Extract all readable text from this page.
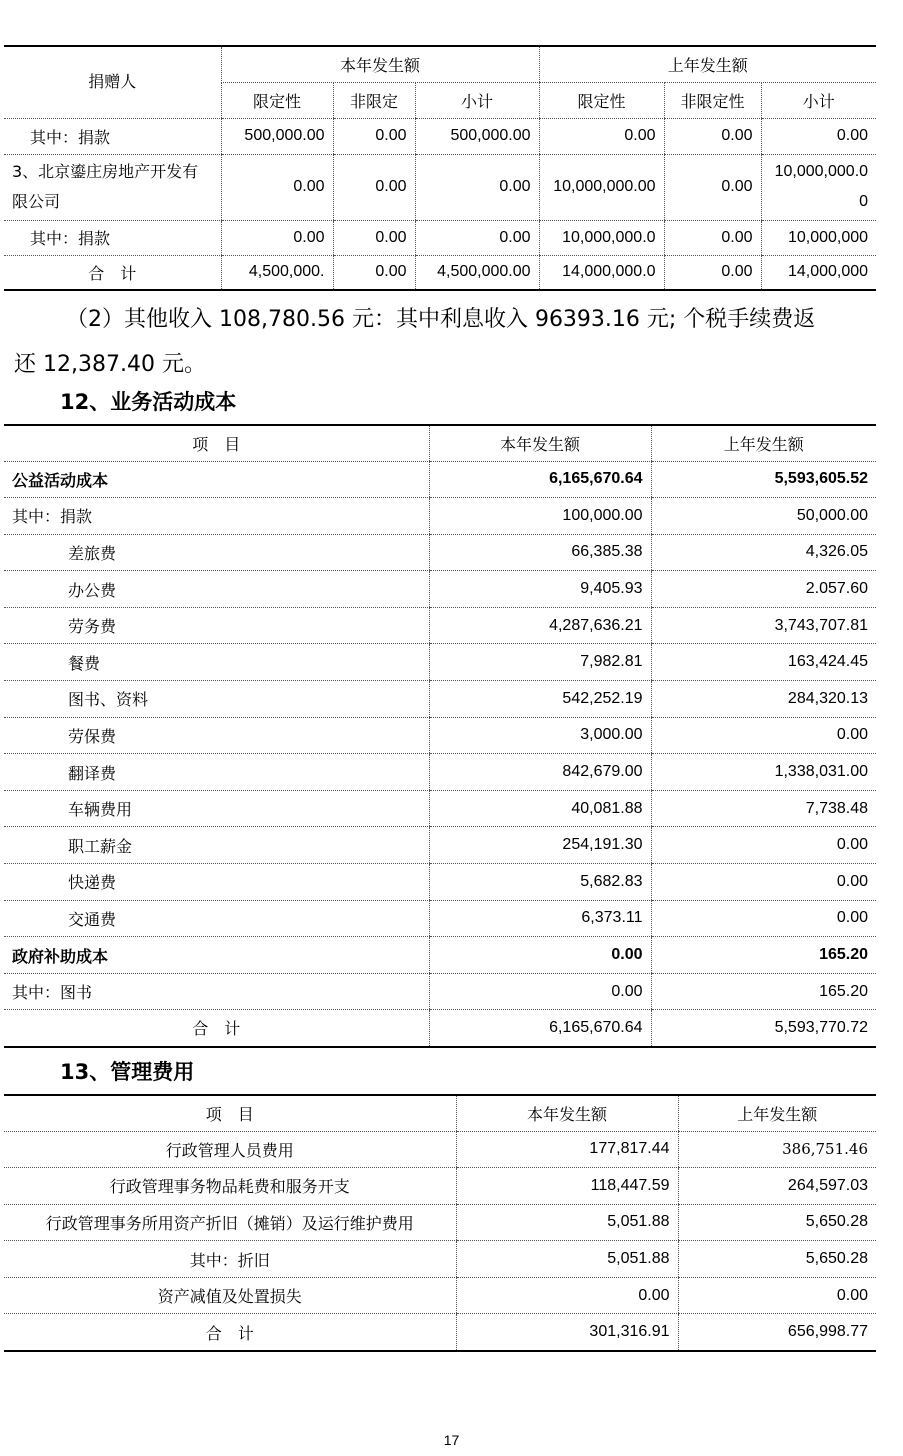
捐赠人	本年发生额			上年发生额		
	限定性	非限定	小计	限定性	非限定性	小计
其中：捐款	500,000.00	0.00	500,000.00	0.00	0.00	0.00
3、北京鎏庄房地产开发有限公司	0.00	0.00	0.00	10,000,000.00	0.00	10,000,000.00
其中：捐款	0.00	0.00	0.00	10,000,000.0	0.00	10,000,000
合　计	4,500,000.	0.00	4,500,000.00	14,000,000.0	0.00	14,000,000

（2）其他收入 108,780.56 元：其中利息收入 96393.16 元; 个税手续费返

还 12,387.40 元。

12、业务活动成本
项　目	本年发生额	上年发生额
公益活动成本	6,165,670.64	5,593,605.52
其中：捐款	100,000.00	50,000.00
差旅费	66,385.38	4,326.05
办公费	9,405.93	2.057.60
劳务费	4,287,636.21	3,743,707.81
餐费	7,982.81	163,424.45
图书、资料	542,252.19	284,320.13
劳保费	3,000.00	0.00
翻译费	842,679.00	1,338,031.00
车辆费用	40,081.88	7,738.48
职工薪金	254,191.30	0.00
快递费	5,682.83	0.00
交通费	6,373.11	0.00
政府补助成本	0.00	165.20
其中：图书	0.00	165.20
合　计	6,165,670.64	5,593,770.72
13、管理费用
项　目	本年发生额	上年发生额
行政管理人员费用	177,817.44	386,751.46
行政管理事务物品耗费和服务开支	118,447.59	264,597.03
行政管理事务所用资产折旧（摊销）及运行维护费用	5,051.88	5,650.28
其中：折旧	5,051.88	5,650.28
资产减值及处置损失	0.00	0.00
合　计	301,316.91	656,998.77
17
